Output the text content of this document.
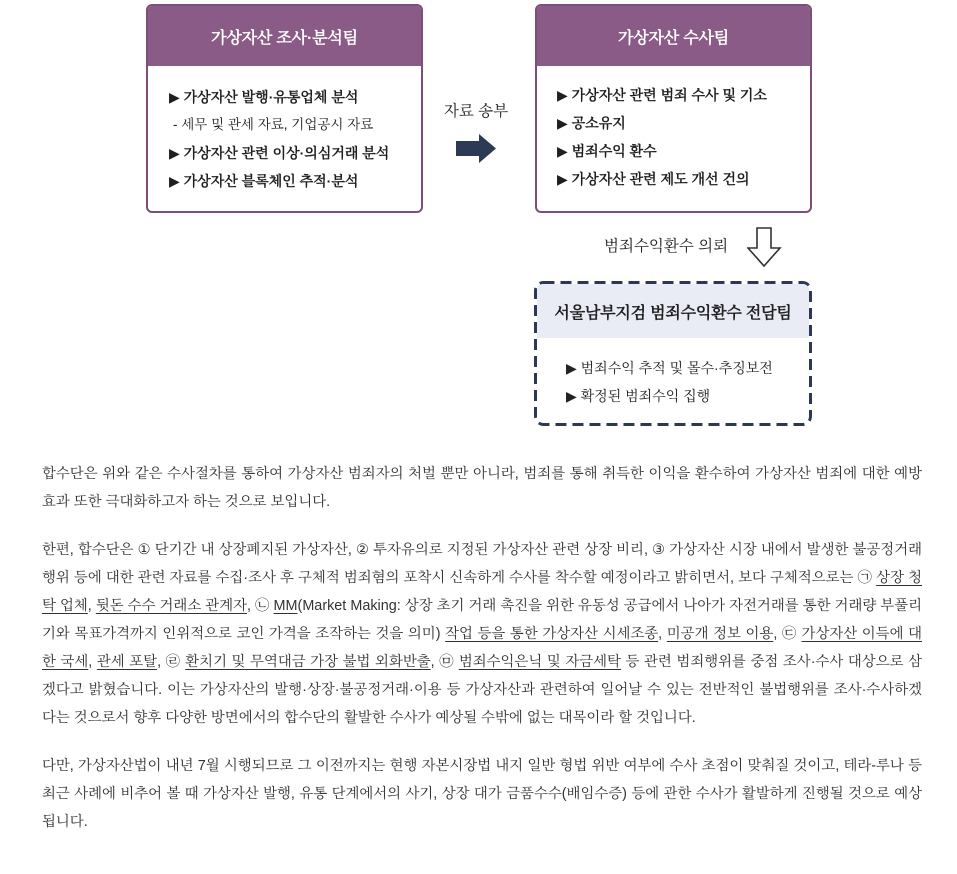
가상자산 조사·분석팀
▶ 가상자산 발행·유통업체 분석
- 세무 및 관세 자료, 기업공시 자료
▶ 가상자산 관련 이상·의심거래 분석
▶ 가상자산 블록체인 추적·분석
자료 송부
가상자산 수사팀
▶ 가상자산 관련 범죄 수사 및 기소
▶ 공소유지
▶ 범죄수익 환수
▶ 가상자산 관련 제도 개선 건의
범죄수익환수 의뢰
서울남부지검 범죄수익환수 전담팀
▶ 범죄수익 추적 및 몰수·추징보전
▶ 확정된 범죄수익 집행

합수단은 위와 같은 수사절차를 통하여 가상자산 범죄자의 처벌 뿐만 아니라, 범죄를 통해 취득한 이익을 환수하여 가상자산 범죄에 대한 예방효과 또한 극대화하고자 하는 것으로 보입니다.

한편, 합수단은 ① 단기간 내 상장폐지된 가상자산, ② 투자유의로 지정된 가상자산 관련 상장 비리, ③ 가상자산 시장 내에서 발생한 불공정거래행위 등에 대한 관련 자료를 수집·조사 후 구체적 범죄혐의 포착시 신속하게 수사를 착수할 예정이라고 밝히면서, 보다 구체적으로는 ㉠ 상장 청탁 업체, 뒷돈 수수 거래소 관계자, ㉡ MM(Market Making: 상장 초기 거래 촉진을 위한 유동성 공급에서 나아가 자전거래를 통한 거래량 부풀리기와 목표가격까지 인위적으로 코인 가격을 조작하는 것을 의미) 작업 등을 통한 가상자산 시세조종, 미공개 정보 이용, ㉢ 가상자산 이득에 대한 국세, 관세 포탈, ㉣ 환치기 및 무역대금 가장 불법 외화반출, ㉤ 범죄수익은닉 및 자금세탁 등 관련 범죄행위를 중점 조사·수사 대상으로 삼겠다고 밝혔습니다. 이는 가상자산의 발행·상장·불공정거래·이용 등 가상자산과 관련하여 일어날 수 있는 전반적인 불법행위를 조사·수사하겠다는 것으로서 향후 다양한 방면에서의 합수단의 활발한 수사가 예상될 수밖에 없는 대목이라 할 것입니다.

다만, 가상자산법이 내년 7월 시행되므로 그 이전까지는 현행 자본시장법 내지 일반 형법 위반 여부에 수사 초점이 맞춰질 것이고, 테라-루나 등 최근 사례에 비추어 볼 때 가상자산 발행, 유통 단계에서의 사기, 상장 대가 금품수수(배임수증) 등에 관한 수사가 활발하게 진행될 것으로 예상됩니다.
